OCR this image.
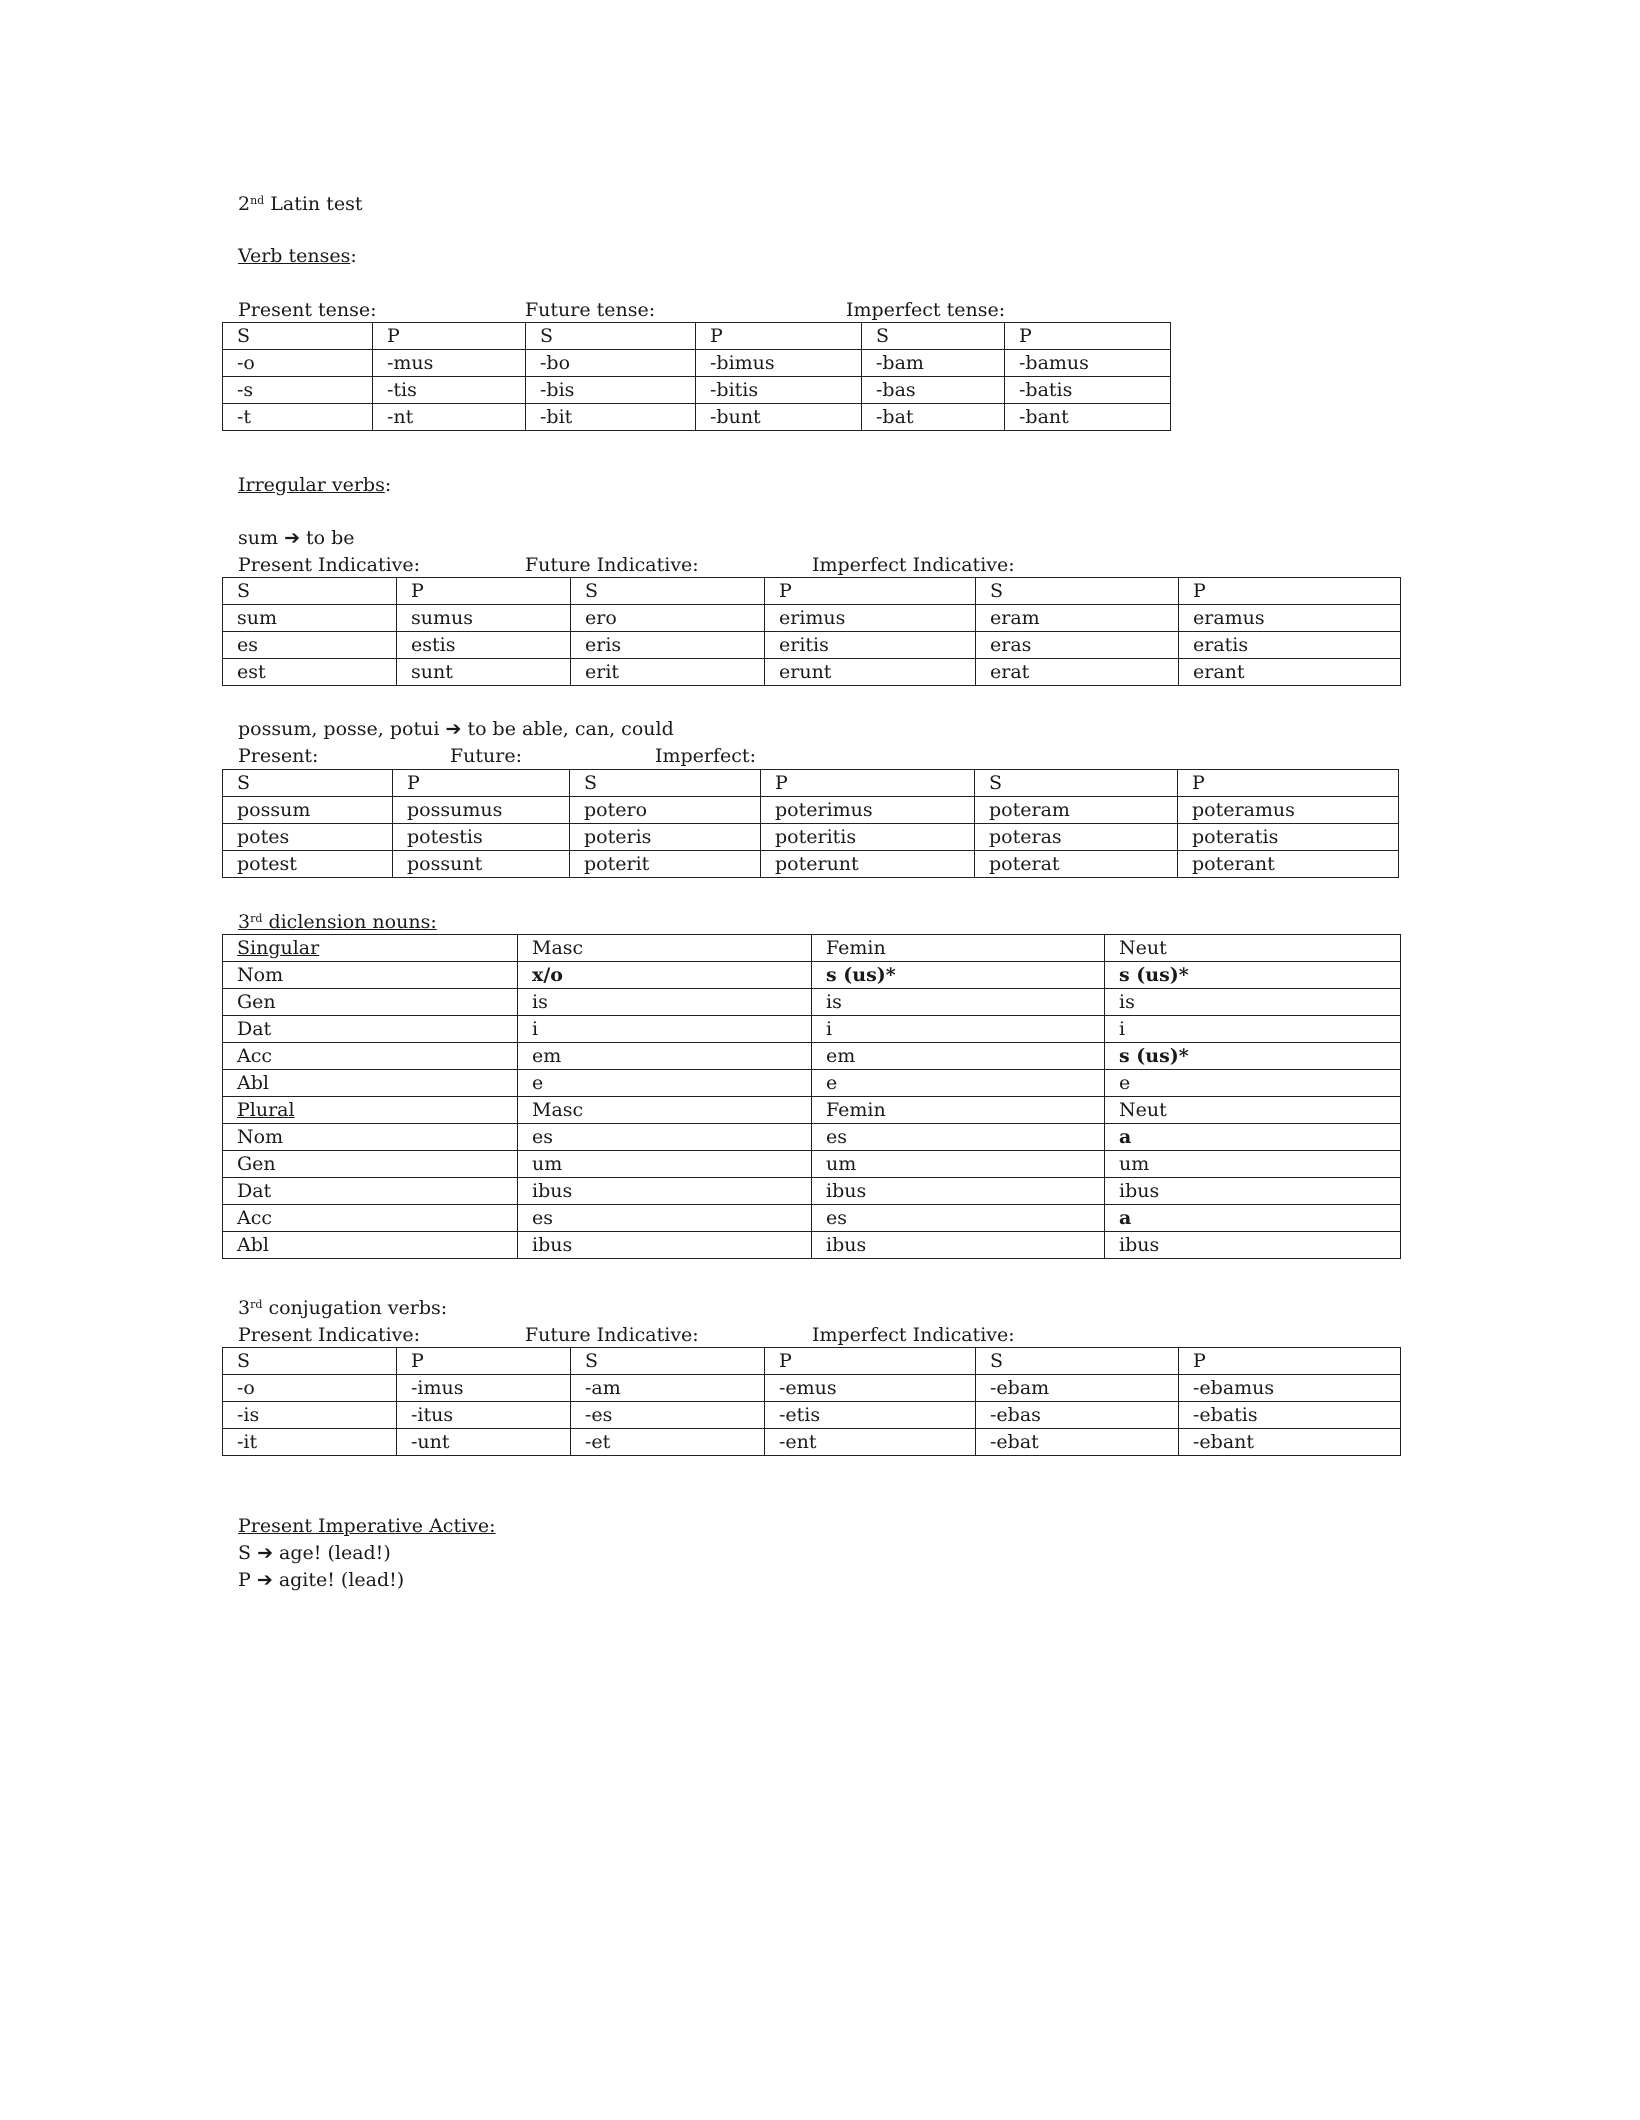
2nd Latin test
Verb tenses:
Present tense:	Future tense:	Imperfect tense:
S	P	S	P	S	P
-o	-mus	-bo	-bimus	-bam	-bamus
-s	-tis	-bis	-bitis	-bas	-batis
-t	-nt	-bit	-bunt	-bat	-bant
Irregular verbs:
sum ➔ to be
Present Indicative:	Future Indicative:	Imperfect Indicative:
S	P	S	P	S	P
sum	sumus	ero	erimus	eram	eramus
es	estis	eris	eritis	eras	eratis
est	sunt	erit	erunt	erat	erant
possum, posse, potui ➔ to be able, can, could
Present:	Future:	Imperfect:
S	P	S	P	S	P
possum	possumus	potero	poterimus	poteram	poteramus
potes	potestis	poteris	poteritis	poteras	poteratis
potest	possunt	poterit	poterunt	poterat	poterant
3rd diclension nouns:
Singular	Masc	Femin	Neut
Nom	x/o	s (us)*	s (us)*
Gen	is	is	is
Dat	i	i	i
Acc	em	em	s (us)*
Abl	e	e	e
Plural	Masc	Femin	Neut
Nom	es	es	a
Gen	um	um	um
Dat	ibus	ibus	ibus
Acc	es	es	a
Abl	ibus	ibus	ibus
3rd conjugation verbs:
Present Indicative:	Future Indicative:	Imperfect Indicative:
S	P	S	P	S	P
-o	-imus	-am	-emus	-ebam	-ebamus
-is	-itus	-es	-etis	-ebas	-ebatis
-it	-unt	-et	-ent	-ebat	-ebant
Present Imperative Active:
S ➔ age! (lead!)
P ➔ agite! (lead!)
